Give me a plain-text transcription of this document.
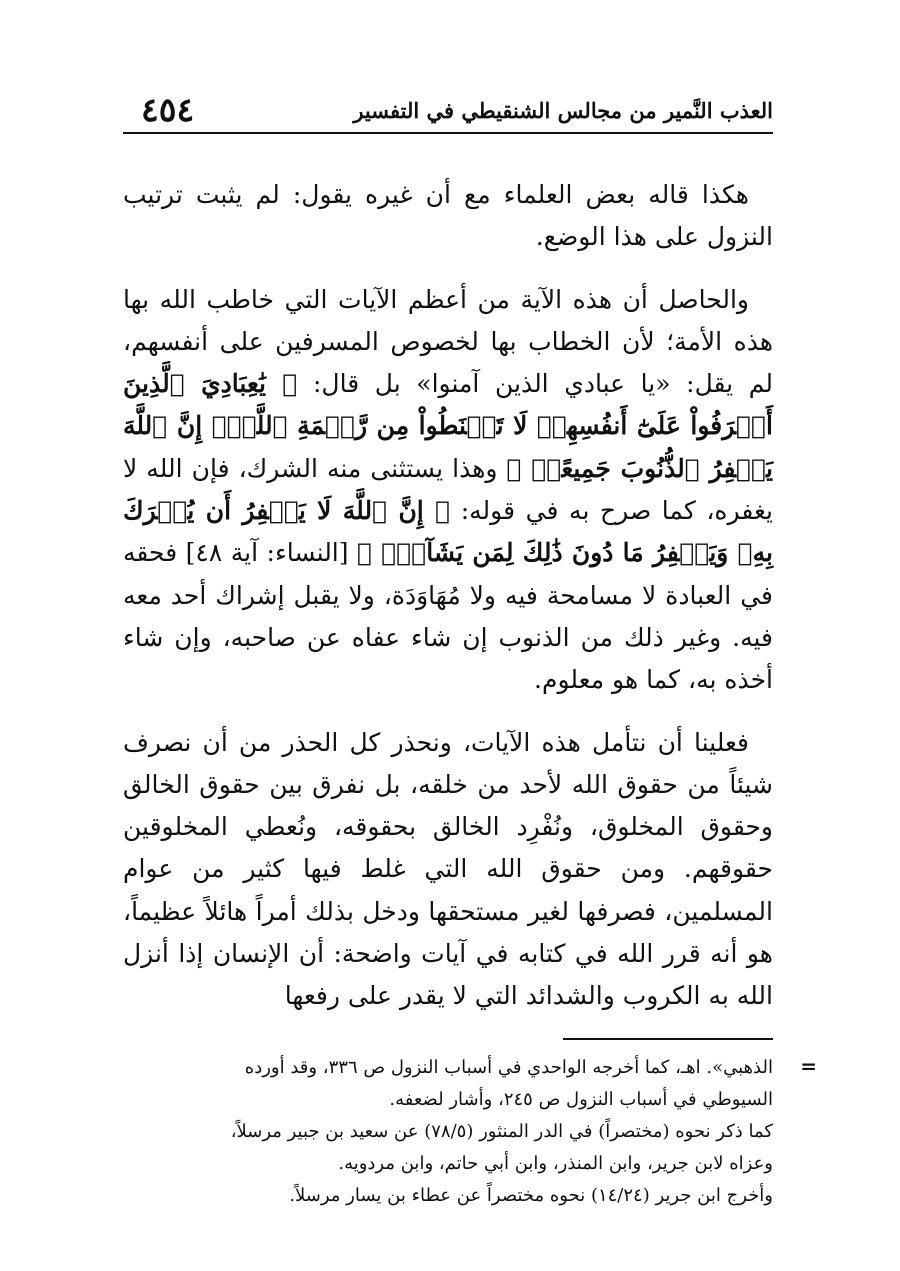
العذب النَّمير من مجالس الشنقيطي في التفسير
٤٥٤

هكذا قاله بعض العلماء مع أن غيره يقول: لم يثبت ترتيب النزول على هذا الوضع.

والحاصل أن هذه الآية من أعظم الآيات التي خاطب الله بها هذه الأمة؛ لأن الخطاب بها لخصوص المسرفين على أنفسهم، لم يقل: «يا عبادي الذين آمنوا» بل قال: ﴿ يَٰعِبَادِيَ ٱلَّذِينَ أَسۡرَفُواْ عَلَىٰٓ أَنفُسِهِمۡ لَا تَقۡنَطُواْ مِن رَّحۡمَةِ ٱللَّهِۚ إِنَّ ٱللَّهَ يَغۡفِرُ ٱلذُّنُوبَ جَمِيعًاۚ ﴾ وهذا يستثنى منه الشرك، فإن الله لا يغفره، كما صرح به في قوله: ﴿ إِنَّ ٱللَّهَ لَا يَغۡفِرُ أَن يُشۡرَكَ بِهِۦ وَيَغۡفِرُ مَا دُونَ ذَٰلِكَ لِمَن يَشَآءُۚ ﴾ [النساء: آية ٤٨] فحقه في العبادة لا مسامحة فيه ولا مُهَاوَدَة، ولا يقبل إشراك أحد معه فيه. وغير ذلك من الذنوب إن شاء عفاه عن صاحبه، وإن شاء أخذه به، كما هو معلوم.

فعلينا أن نتأمل هذه الآيات، ونحذر كل الحذر من أن نصرف شيئاً من حقوق الله لأحد من خلقه، بل نفرق بين حقوق الخالق وحقوق المخلوق، ونُفْرِد الخالق بحقوقه، ونُعطي المخلوقين حقوقهم. ومن حقوق الله التي غلط فيها كثير من عوام المسلمين، فصرفها لغير مستحقها ودخل بذلك أمراً هائلاً عظيماً، هو أنه قرر الله في كتابه في آيات واضحة: أن الإنسان إذا أنزل الله به الكروب والشدائد التي لا يقدر على رفعها

=

الذهبي». اهـ، كما أخرجه الواحدي في أسباب النزول ص ٣٣٦، وقد أورده

السيوطي في أسباب النزول ص ٢٤٥، وأشار لضعفه.

كما ذكر نحوه (مختصراً) في الدر المنثور (٧٨/٥) عن سعيد بن جبير مرسلاً،

وعزاه لابن جرير، وابن المنذر، وابن أبي حاتم، وابن مردويه.

وأخرج ابن جرير (١٤/٢٤) نحوه مختصراً عن عطاء بن يسار مرسلاً.
